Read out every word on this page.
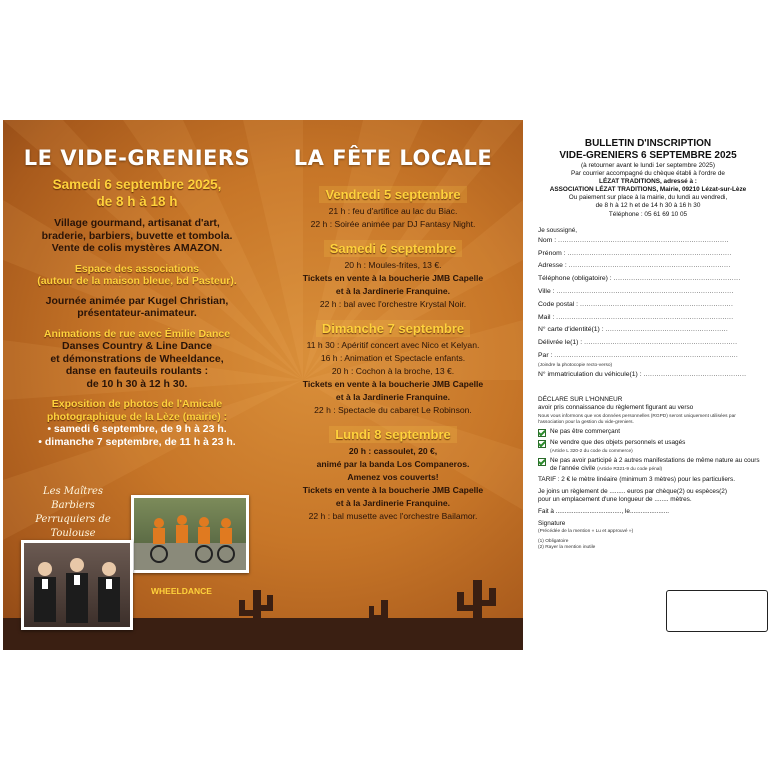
LE VIDE-GRENIERS

Samedi 6 septembre 2025,

de 8 h à 18 h

Village gourmand, artisanat d'art,
braderie, barbiers, buvette et tombola.
Vente de colis mystères AMAZON.

Espace des associations
(autour de la maison bleue, bd Pasteur).

Journée animée par Kugel Christian,
présentateur-animateur.

Animations de rue avec Émilie Dance
Danses Country & Line Dance
et démonstrations de Wheeldance,
danse en fauteuils roulants :
de 10 h 30 à 12 h 30.

Exposition de photos de l'Amicale
photographique de la Lèze (mairie) :
• samedi 6 septembre, de 9 h à 23 h.
• dimanche 7 septembre, de 11 h à 23 h.

Les Maîtres Barbiers Perruquiers de Toulouse
WHEELDANCE
LA FÊTE LOCALE
Vendredi 5 septembre

21 h : feu d'artifice au lac du Biac.

22 h : Soirée animée par DJ Fantasy Night.

Samedi 6 septembre

20 h : Moules-frites, 13 €.

Tickets en vente à la boucherie JMB Capelle

et à la Jardinerie Franquine.

22 h : bal avec l'orchestre Krystal Noir.

Dimanche 7 septembre

11 h 30 : Apéritif concert avec Nico et Kelyan.

16 h : Animation et Spectacle enfants.

20 h : Cochon à la broche, 13 €.

Tickets en vente à la boucherie JMB Capelle

et à la Jardinerie Franquine.

22 h : Spectacle du cabaret Le Robinson.

Lundi 8 septembre

20 h : cassoulet, 20 €,

animé par la banda Los Companeros.

Amenez vos couverts!

Tickets en vente à la boucherie JMB Capelle

et à la Jardinerie Franquine.

22 h : bal musette avec l'orchestre Bailamor.

BULLETIN D'INSCRIPTION
VIDE-GRENIERS 6 SEPTEMBRE 2025
(à retourner avant le lundi 1er septembre 2025)
Par courrier accompagné du chèque établi à l'ordre de
LÉZAT TRADITIONS, adressé à :
ASSOCIATION LÉZAT TRADITIONS, Mairie, 09210 Lézat-sur-Lèze
Ou paiement sur place à la mairie, du lundi au vendredi,
de 8 h à 12 h et de 14 h 30 à 16 h 30
Téléphone : 05 61 69 10 05
Je soussigné,
Nom : ..............................................................................
Prénom : ...........................................................................
Adresse : ..........................................................................
Téléphone (obligatoire) : ..........................................................
Ville : .................................................................................
Code postal : ......................................................................
Mail : .................................................................................
N° carte d'identité(1) : ........................................................
Délivrée le(1) : ......................................................................
Par : ....................................................................................
(Joindre la photocopie recto-verso)
N° immatriculation du véhicule(1) : ...............................................
DÉCLARE SUR L'HONNEUR
avoir pris connaissance du règlement figurant au verso
Nous vous informons que vos données personnelles (RGPD) seront uniquement utilisées par l'association pour la gestion du vide-greniers.
Ne pas être commerçant
Ne vendre que des objets personnels et usagés
(Article L 320-2 du code du commerce)
Ne pas avoir participé à 2 autres manifestations de même nature au cours de l'année civile (Article R321-9 du code pénal)
TARIF : 2 € le mètre linéaire (minimum 3 mètres) pour les particuliers.
Je joins un règlement de ......... euros par chèque(2) ou espèces(2)
pour un emplacement d'une longueur de ........ mètres.
Fait à ....................................., le......................
Signature
(Précédée de la mention « Lu et approuvé »)
(1) Obligatoire
(2) Rayer la mention inutile
